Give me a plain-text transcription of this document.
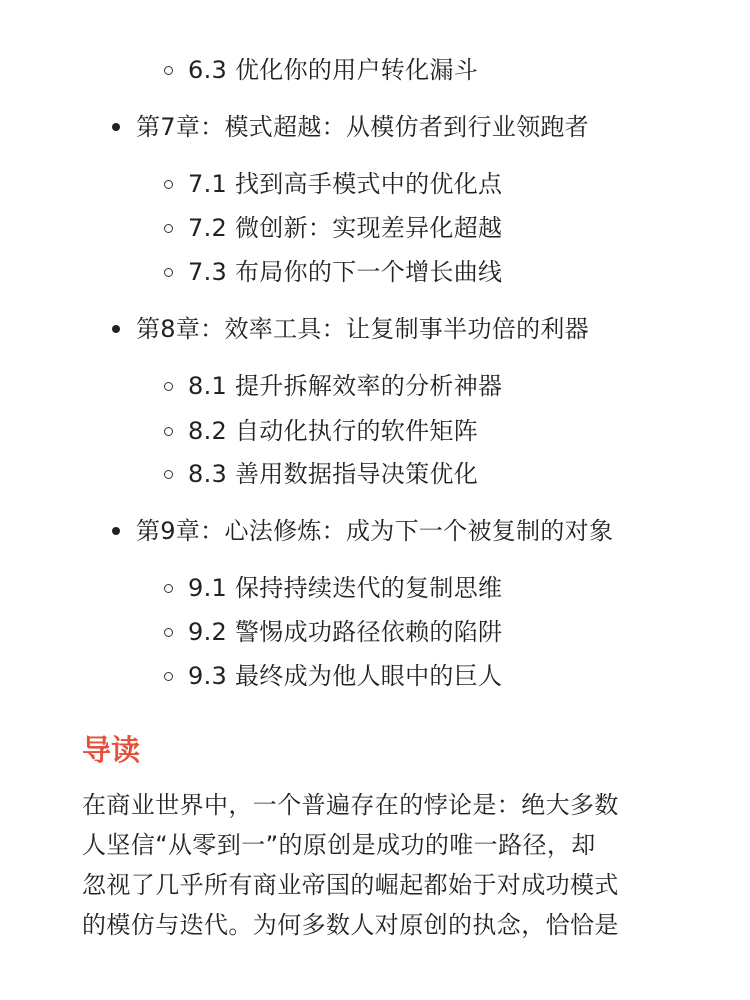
6.3 优化你的用户转化漏斗
第7章：模式超越：从模仿者到行业领跑者
7.1 找到高手模式中的优化点
7.2 微创新：实现差异化超越
7.3 布局你的下一个增长曲线
第8章：效率工具：让复制事半功倍的利器
8.1 提升拆解效率的分析神器
8.2 自动化执行的软件矩阵
8.3 善用数据指导决策优化
第9章：心法修炼：成为下一个被复制的对象
9.1 保持持续迭代的复制思维
9.2 警惕成功路径依赖的陷阱
9.3 最终成为他人眼中的巨人
导读

在商业世界中，一个普遍存在的悖论是：绝大多数
人坚信“从零到一”的原创是成功的唯一路径，却
忽视了几乎所有商业帝国的崛起都始于对成功模式
的模仿与迭代。为何多数人对原创的执念，恰恰是
